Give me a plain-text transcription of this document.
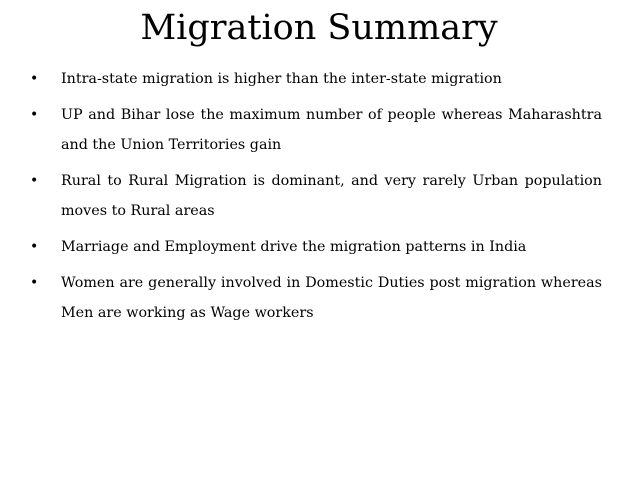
Migration Summary
• Intra-state migration is higher than the inter-state migration
• UP and Bihar lose the maximum number of people whereas Maharashtra and the Union Territories gain
• Rural to Rural Migration is dominant, and very rarely Urban population moves to Rural areas
• Marriage and Employment drive the migration patterns in India
• Women are generally involved in Domestic Duties post migration whereas Men are working as Wage workers
